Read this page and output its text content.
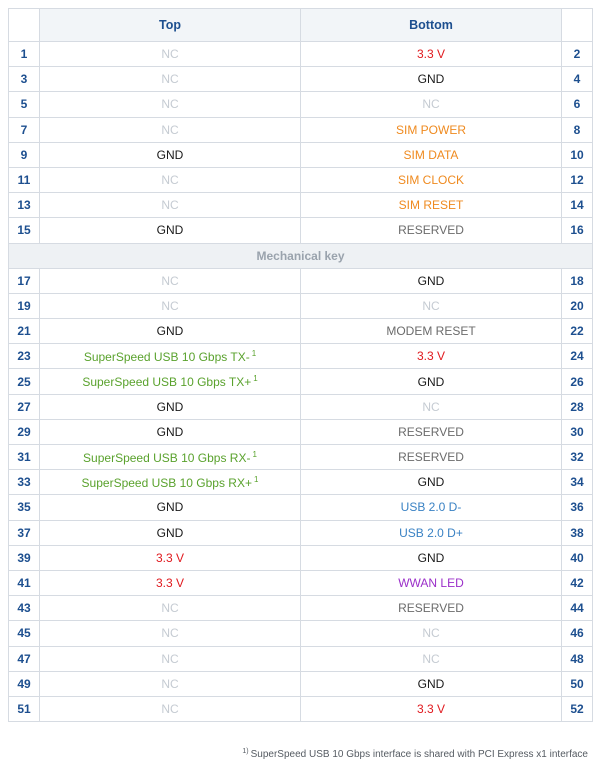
	Top	Bottom	
1	NC	3.3 V	2
3	NC	GND	4
5	NC	NC	6
7	NC	SIM POWER	8
9	GND	SIM DATA	10
11	NC	SIM CLOCK	12
13	NC	SIM RESET	14
15	GND	RESERVED	16
Mechanical key			
17	NC	GND	18
19	NC	NC	20
21	GND	MODEM RESET	22
23	SuperSpeed USB 10 Gbps TX- $^1$	3.3 V	24
25	SuperSpeed USB 10 Gbps TX+ $^1$	GND	26
27	GND	NC	28
29	GND	RESERVED	30
31	SuperSpeed USB 10 Gbps RX- $^1$	RESERVED	32
33	SuperSpeed USB 10 Gbps RX+ $^1$	GND	34
35	GND	USB 2.0 D-	36
37	GND	USB 2.0 D+	38
39	3.3 V	GND	40
41	3.3 V	WWAN LED	42
43	NC	RESERVED	44
45	NC	NC	46
47	NC	NC	48
49	NC	GND	50
51	NC	3.3 V	52
$^{1)}$ SuperSpeed USB 10 Gbps interface is shared with PCI Express x1 interface
